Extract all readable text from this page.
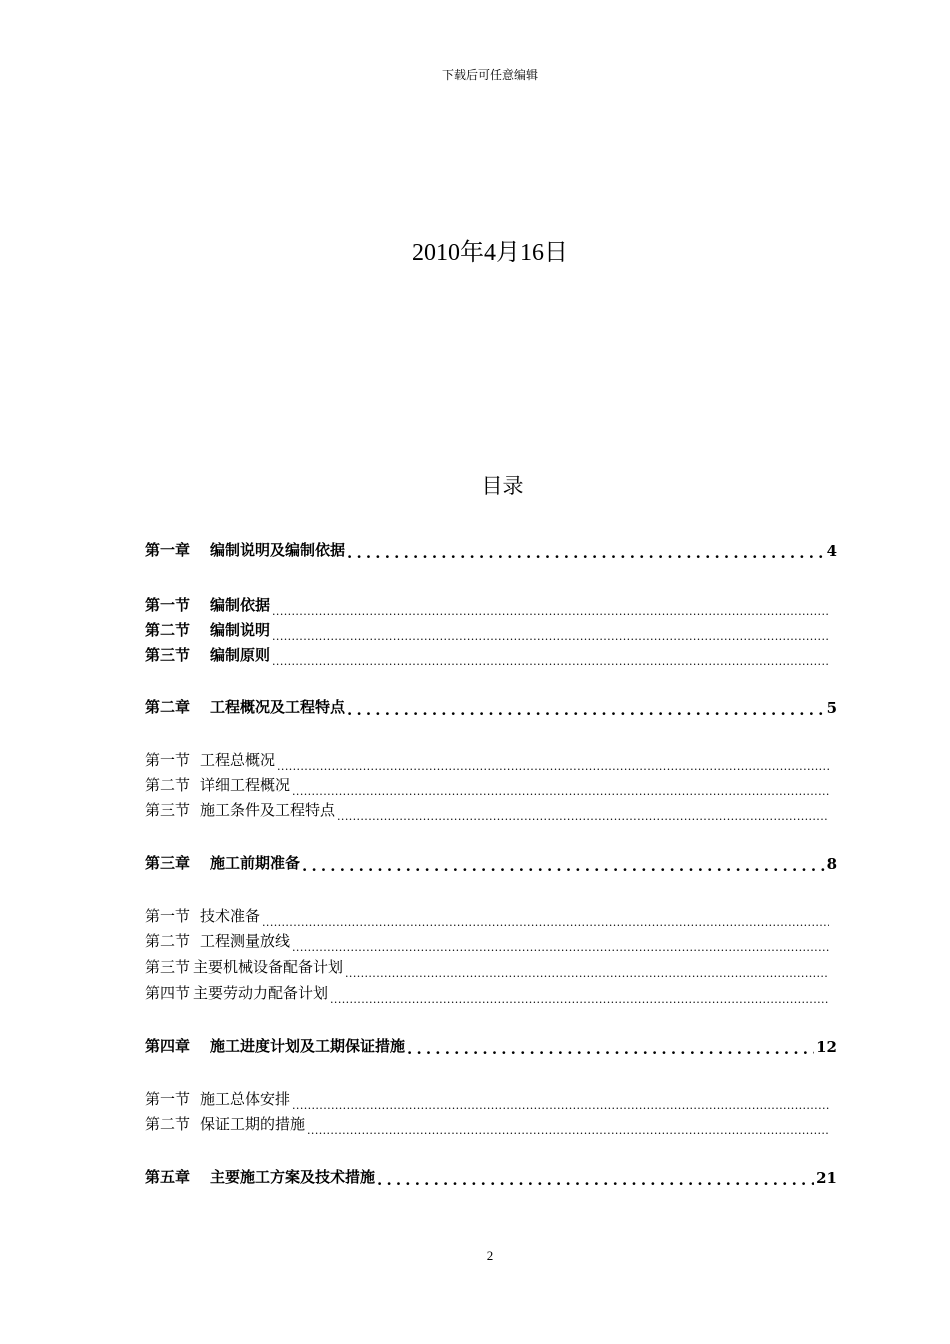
下载后可任意编辑
2010年4月16日
目录
第一章 编制说明及编制依据 .....	4
第一节 编制依据
.....
第二节 编制说明
.....
第三节 编制原则
.....
第二章 工程概况及工程特点 .....	5
第一节 工程总概况
.....
第二节 详细工程概况
.....
第三节 施工条件及工程特点
.....
第三章 施工前期准备 .....	8
第一节 技术准备
.....
第二节 工程测量放线
.....
第三节 主要机械设备配备计划
.....
第四节 主要劳动力配备计划
.....
第四章 施工进度计划及工期保证措施 .....	12
第一节 施工总体安排
.....
第二节 保证工期的措施
.....
第五章 主要施工方案及技术措施 .....	21
2
